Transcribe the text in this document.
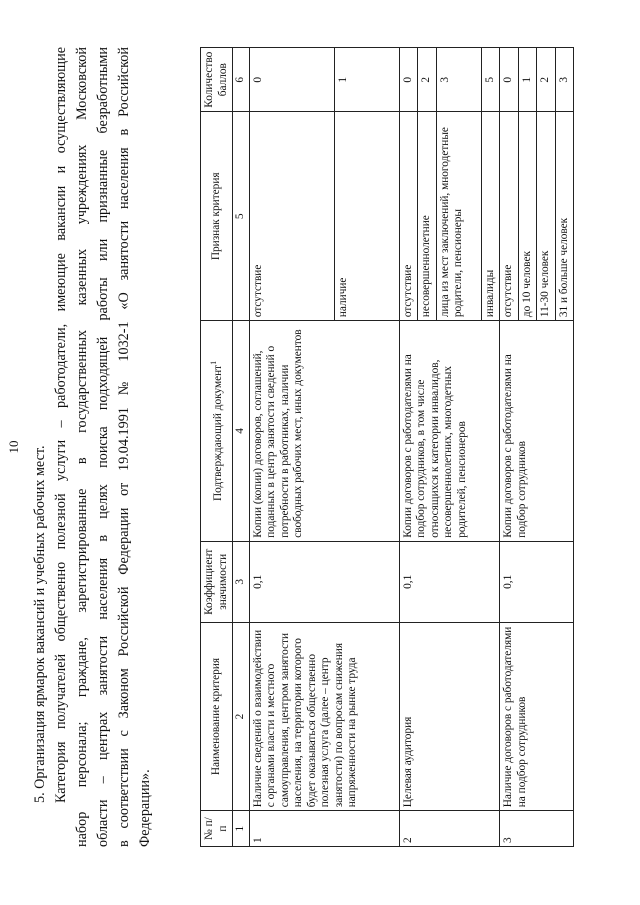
10 5. Организация ярмарок вакансий и учебных рабочих мест. Категория получателей общественно полезной услуги – работодатели, имеющие вакансии и осуществляющие набор персонала; граждане, зарегистрированные в государственных казенных учреждениях Московской области – центрах занятости населения в целях поиска подходящей работы или признанные безработными в соответствии с Законом Российской Федерации от 19.04.1991 № 1032-1 «О занятости населения в Российской Федерации».	№ п/п	Наименование критерия	Коэффициент значимости	Подтверждающий документ$^1$	Признак критерия	Количество баллов
1	2	3	4	5	6
1	Наличие сведений о взаимодействии с органами власти и местного самоуправления, центром занятости населения, на территории которого будет оказываться общественно полезная услуга (далее – центр занятости) по вопросам снижения напряженности на рынке труда	0,1	Копии (копии) договоров, соглашений, поданных в центр занятости сведений о потребности в работниках, наличии свободных рабочих мест, иных документов	отсутствие	0
				наличие	1
2	Целевая аудитория	0,1	Копии договоров с работодателями на подбор сотрудников, в том числе относящихся к категории инвалидов, несовершеннолетних, многодетных родителей, пенсионеров	отсутствие	0
				несовершеннолетние	2
				лица из мест заключений, многодетные родители, пенсионеры	3
				инвалиды	5
3	Наличие договоров с работодателями на подбор сотрудников	0,1	Копии договоров с работодателями на подбор сотрудников	отсутствие	0
				до 10 человек	1
				11-30 человек	2
				31 и больше человек	3
